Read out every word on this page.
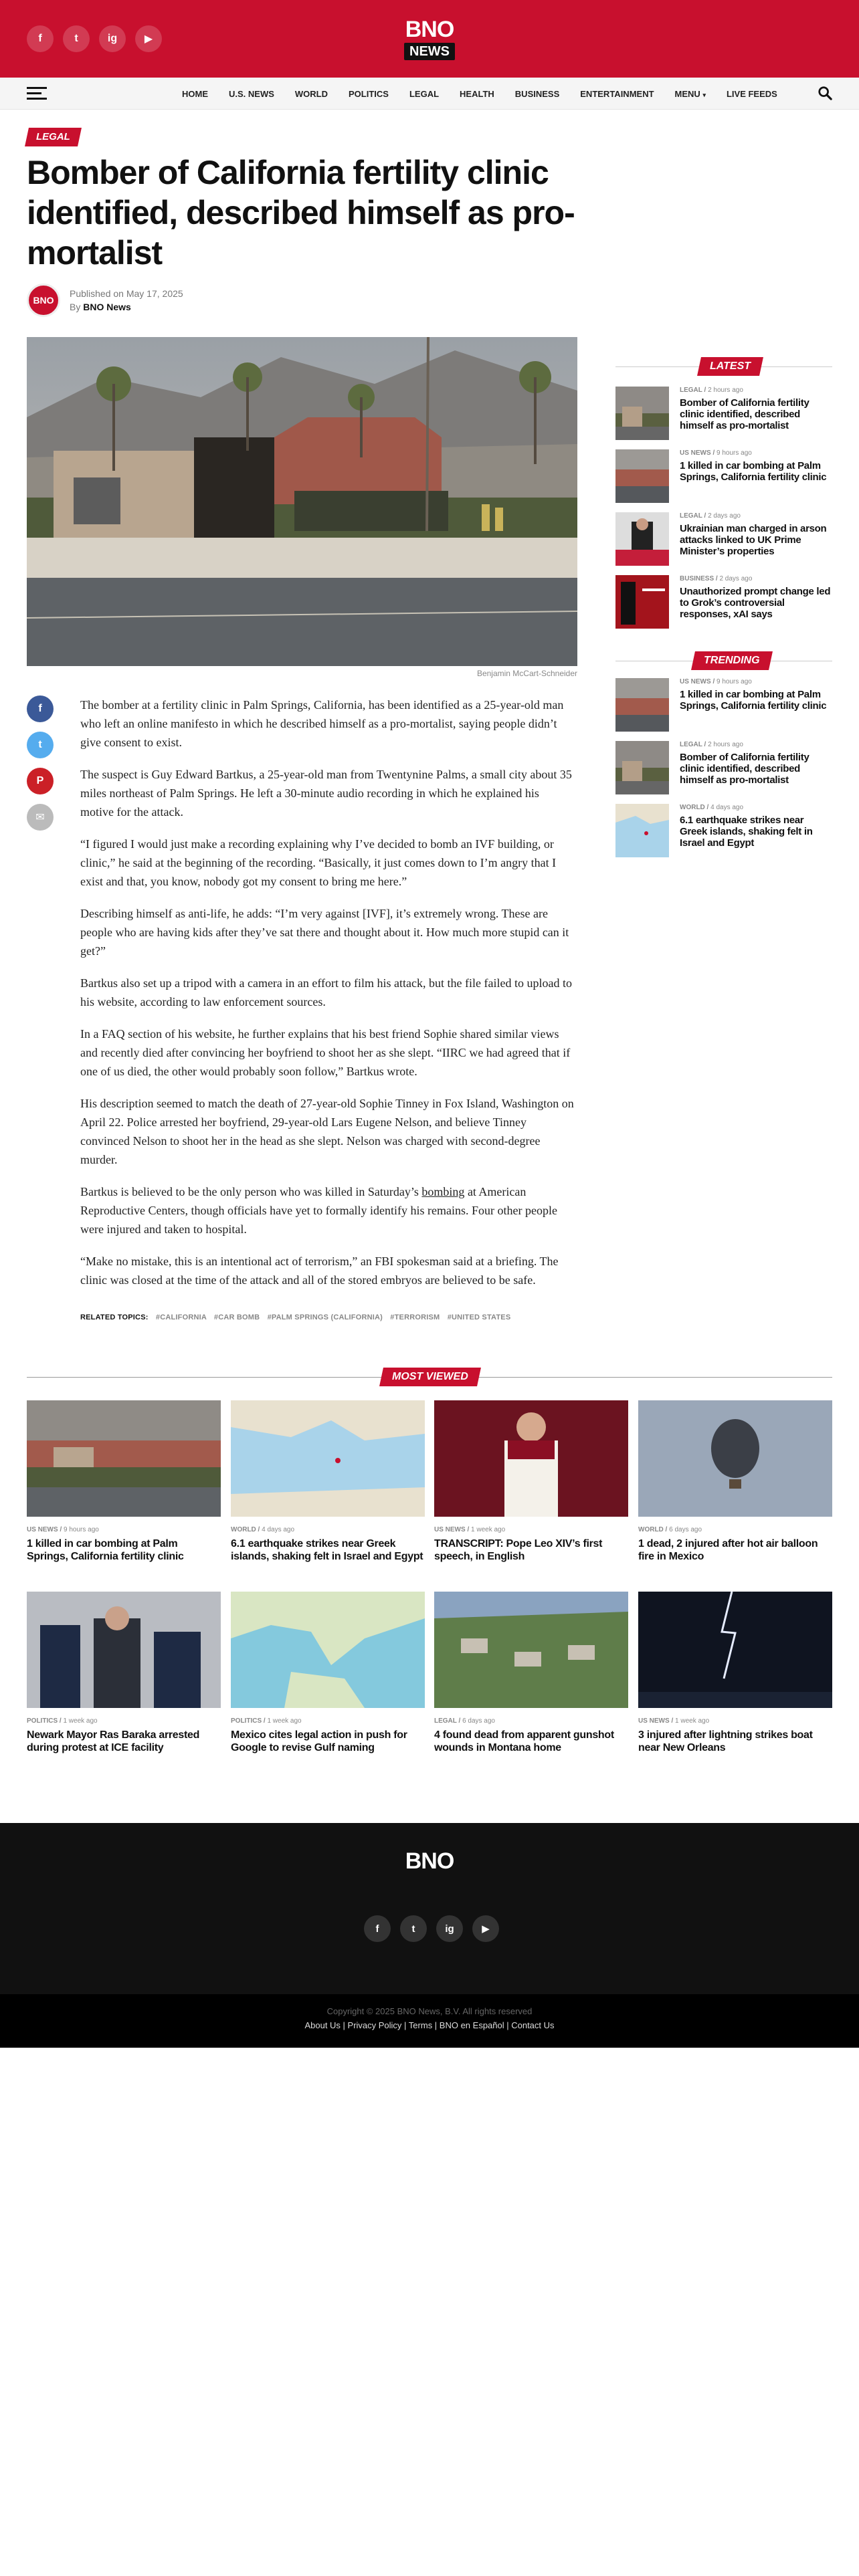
f	t	ig	▶	BNO
NEWS
HOME U.S. NEWS WORLD POLITICS LEGAL HEALTH BUSINESS ENTERTAINMENT MENU ▾ LIVE FEEDS
LEGAL
Bomber of California fertility clinic identified, described himself as pro-mortalist
BNO
Published on May 17, 2025
By BNO News
Benjamin McCart-Schneider
f
t
P
✉

The bomber at a fertility clinic in Palm Springs, California, has been identified as a 25-year-old man who left an online manifesto in which he described himself as a pro-mortalist, saying people didn’t give consent to exist.

The suspect is Guy Edward Bartkus, a 25-year-old man from Twentynine Palms, a small city about 35 miles northeast of Palm Springs. He left a 30-minute audio recording in which he explained his motive for the attack.

“I figured I would just make a recording explaining why I’ve decided to bomb an IVF building, or clinic,” he said at the beginning of the recording. “Basically, it just comes down to I’m angry that I exist and that, you know, nobody got my consent to bring me here.”

Describing himself as anti-life, he adds: “I’m very against [IVF], it’s extremely wrong. These are people who are having kids after they’ve sat there and thought about it. How much more stupid can it get?”

Bartkus also set up a tripod with a camera in an effort to film his attack, but the file failed to upload to his website, according to law enforcement sources.

In a FAQ section of his website, he further explains that his best friend Sophie shared similar views and recently died after convincing her boyfriend to shoot her as she slept. “IIRC we had agreed that if one of us died, the other would probably soon follow,” Bartkus wrote.

His description seemed to match the death of 27-year-old Sophie Tinney in Fox Island, Washington on April 22. Police arrested her boyfriend, 29-year-old Lars Eugene Nelson, and believe Tinney convinced Nelson to shoot her in the head as she slept. Nelson was charged with second-degree murder.

Bartkus is believed to be the only person who was killed in Saturday’s bombing at American Reproductive Centers, though officials have yet to formally identify his remains. Four other people were injured and taken to hospital.

“Make no mistake, this is an intentional act of terrorism,” an FBI spokesman said at a briefing. The clinic was closed at the time of the attack and all of the stored embryos are believed to be safe.

RELATED TOPICS: #CALIFORNIA #CAR BOMB #PALM SPRINGS (CALIFORNIA) #TERRORISM #UNITED STATES
LATEST
LEGAL / 2 hours ago
Bomber of California fertility clinic identified, described himself as pro-mortalist
US NEWS / 9 hours ago
1 killed in car bombing at Palm Springs, California fertility clinic
LEGAL / 2 days ago
Ukrainian man charged in arson attacks linked to UK Prime Minister’s properties
BUSINESS / 2 days ago
Unauthorized prompt change led to Grok’s controversial responses, xAI says
TRENDING
US NEWS / 9 hours ago
1 killed in car bombing at Palm Springs, California fertility clinic
LEGAL / 2 hours ago
Bomber of California fertility clinic identified, described himself as pro-mortalist
WORLD / 4 days ago
6.1 earthquake strikes near Greek islands, shaking felt in Israel and Egypt
MOST VIEWED
US NEWS / 9 hours ago
1 killed in car bombing at Palm Springs, California fertility clinic
WORLD / 4 days ago
6.1 earthquake strikes near Greek islands, shaking felt in Israel and Egypt
US NEWS / 1 week ago
TRANSCRIPT: Pope Leo XIV’s first speech, in English
WORLD / 6 days ago
1 dead, 2 injured after hot air balloon fire in Mexico
POLITICS / 1 week ago
Newark Mayor Ras Baraka arrested during protest at ICE facility
POLITICS / 1 week ago
Mexico cites legal action in push for Google to revise Gulf naming
LEGAL / 6 days ago
4 found dead from apparent gunshot wounds in Montana home
US NEWS / 1 week ago
3 injured after lightning strikes boat near New Orleans
BNO
f	t	ig	▶
Copyright © 2025 BNO News, B.V. All rights reserved
About Us | Privacy Policy | Terms | BNO en Español | Contact Us
